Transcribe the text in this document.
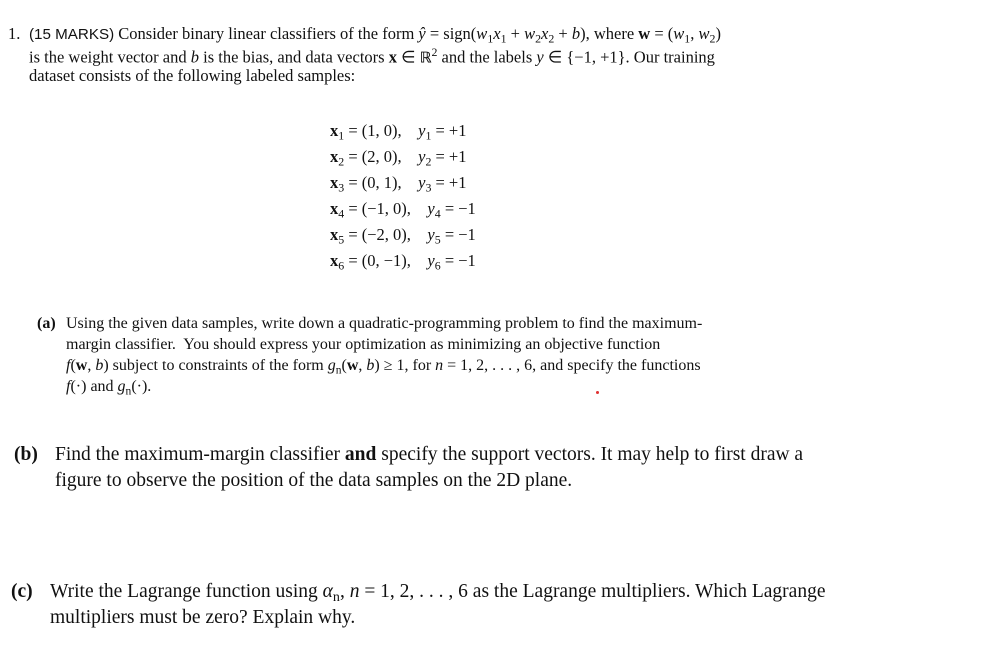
1. (15 MARKS) Consider binary linear classifiers of the form ŷ = $sign(w_1x_1 + w_2x_2 + b)$, where $w = (w_1$, $w_2$)
is the weight vector and b is the bias, and data vectors x ∈ ℝ$^2$ and the labels y ∈ {−1, +1}. Our training
dataset consists of the following labeled samples:
$x_1 = (1$, 0),    $y_1 = +1$
$x_2 = (2$, 0),    $y_2 = +1$
$x_3 = (0$, 1),    $y_3 = +1$
$x_4 = (-1$, 0),    $y_4 = -1$
$x_5 = (-2$, 0),    $y_5 = -1$
$x_6 = (0$, −1),    $y_6 = -1$
(a) Using the given data samples, write down a quadratic-programming problem to find the maximum-
margin classifier.  You should express your optimization as minimizing an objective function
f(w, b) subject to constraints of the form $g_n(w$, b) ≥ 1, for n = 1, 2, . . . , 6, and specify the functions
f(·) and $g_n(\cdot)$.
(b) Find the maximum-margin classifier and specify the support vectors. It may help to first draw a
figure to observe the position of the data samples on the 2D plane.
(c) Write the Lagrange function using $\alpha_n$, n = 1, 2, . . . , 6 as the Lagrange multipliers. Which Lagrange
multipliers must be zero? Explain why.
